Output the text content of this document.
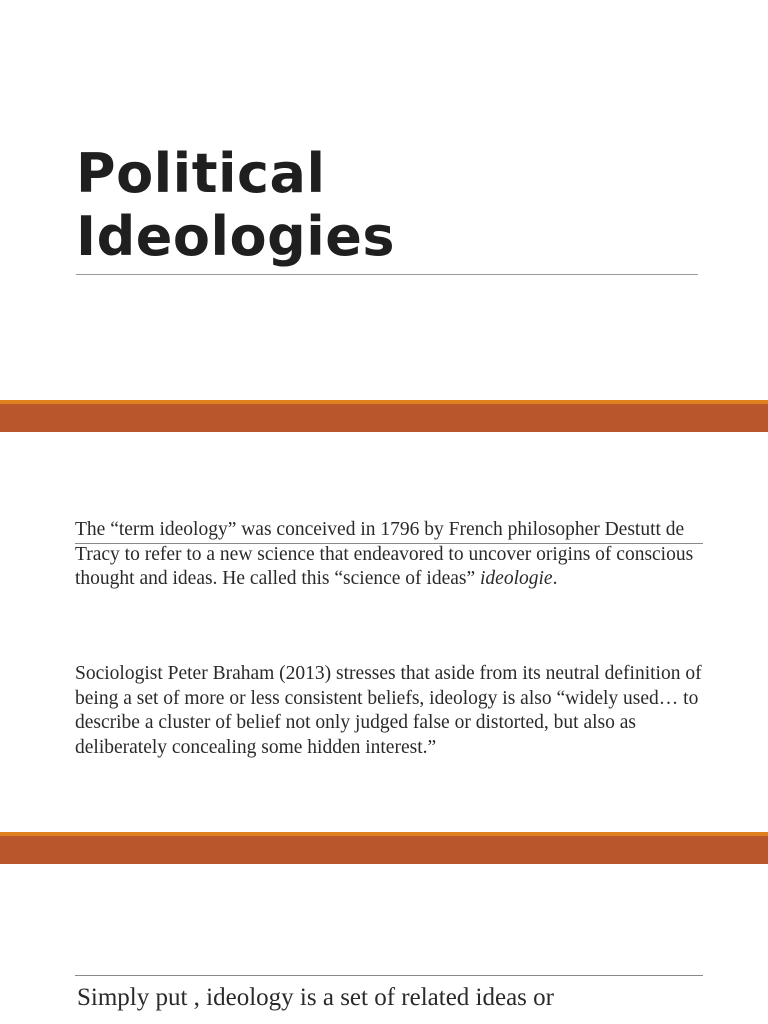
Political
Ideologies

The “term ideology” was conceived in 1796 by French philosopher Destutt de Tracy to refer to a new science that endeavored to uncover origins of conscious thought and ideas. He called this “science of ideas” ideologie.

Sociologist Peter Braham (2013) stresses that aside from its neutral definition of being a set of more or less consistent beliefs, ideology is also “widely used… to describe a cluster of belief not only judged false or distorted, but also as deliberately concealing some hidden interest.”

Simply put , ideology is a set of related ideas or
